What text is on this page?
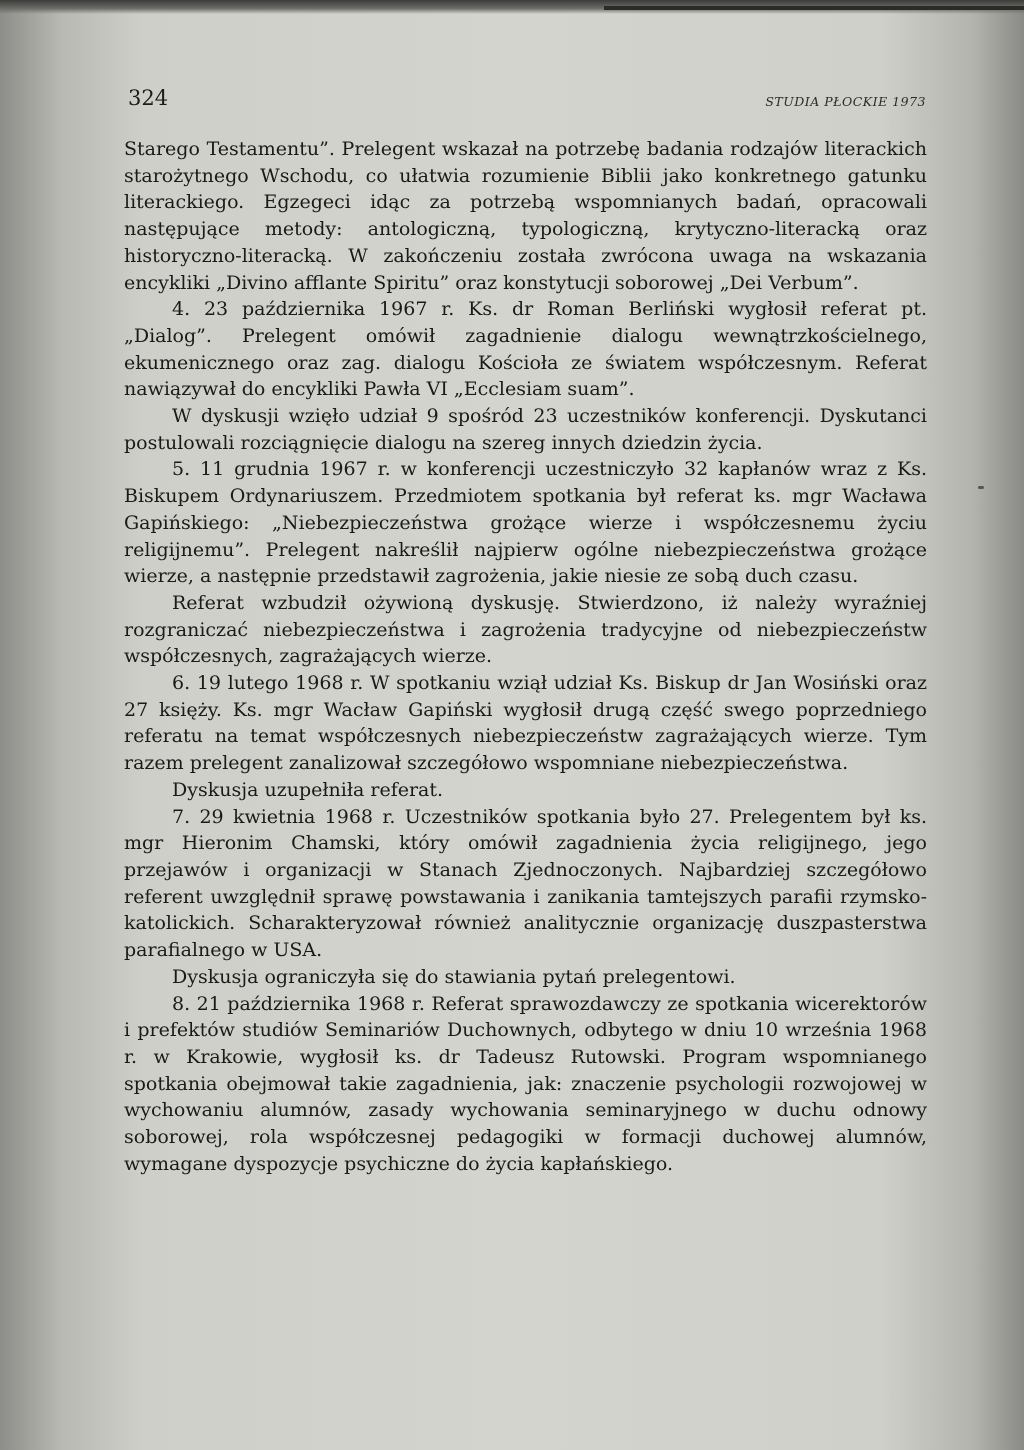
324	STUDIA PŁOCKIE 1973

Starego Testamentu”. Prelegent wskazał na potrzebę badania rodzajów literackich starożytnego Wschodu, co ułatwia rozumienie Biblii jako konkretnego gatunku literackiego. Egzegeci idąc za potrzebą wspomnianych badań, opracowali następujące metody: antologiczną, typologiczną, krytyczno-literacką oraz historyczno-literacką. W zakończeniu została zwrócona uwaga na wskazania encykliki „Divino afflante Spiritu” oraz konstytucji soborowej „Dei Verbum”.

4. 23 października 1967 r. Ks. dr Roman Berliński wygłosił referat pt. „Dialog”. Prelegent omówił zagadnienie dialogu wewnątrzkościelnego, ekumenicznego oraz zag. dialogu Kościoła ze światem współczesnym. Referat nawiązywał do encykliki Pawła VI „Ecclesiam suam”.

W dyskusji wzięło udział 9 spośród 23 uczestników konferencji. Dyskutanci postulowali rozciągnięcie dialogu na szereg innych dziedzin życia.

5. 11 grudnia 1967 r. w konferencji uczestniczyło 32 kapłanów wraz z Ks. Biskupem Ordynariuszem. Przedmiotem spotkania był referat ks. mgr Wacława Gapińskiego: „Niebezpieczeństwa grożące wierze i współczesnemu życiu religijnemu”. Prelegent nakreślił najpierw ogólne niebezpieczeństwa grożące wierze, a następnie przedstawił zagrożenia, jakie niesie ze sobą duch czasu.

Referat wzbudził ożywioną dyskusję. Stwierdzono, iż należy wyraźniej rozgraniczać niebezpieczeństwa i zagrożenia tradycyjne od niebezpieczeństw współczesnych, zagrażających wierze.

6. 19 lutego 1968 r. W spotkaniu wziął udział Ks. Biskup dr Jan Wosiński oraz 27 księży. Ks. mgr Wacław Gapiński wygłosił drugą część swego poprzedniego referatu na temat współczesnych niebezpieczeństw zagrażających wierze. Tym razem prelegent zanalizował szczegółowo wspomniane niebezpieczeństwa.

Dyskusja uzupełniła referat.

7. 29 kwietnia 1968 r. Uczestników spotkania było 27. Prelegentem był ks. mgr Hieronim Chamski, który omówił zagadnienia życia religijnego, jego przejawów i organizacji w Stanach Zjednoczonych. Najbardziej szczegółowo referent uwzględnił sprawę powstawania i zanikania tamtejszych parafii rzymsko-katolickich. Scharakteryzował również analitycznie organizację duszpasterstwa parafialnego w USA.

Dyskusja ograniczyła się do stawiania pytań prelegentowi.

8. 21 października 1968 r. Referat sprawozdawczy ze spotkania wicerektorów i prefektów studiów Seminariów Duchownych, odbytego w dniu 10 września 1968 r. w Krakowie, wygłosił ks. dr Tadeusz Rutowski. Program wspomnianego spotkania obejmował takie zagadnienia, jak: znaczenie psychologii rozwojowej w wychowaniu alumnów, zasady wychowania seminaryjnego w duchu odnowy soborowej, rola współczesnej pedagogiki w formacji duchowej alumnów, wymagane dyspozycje psychiczne do życia kapłańskiego.
